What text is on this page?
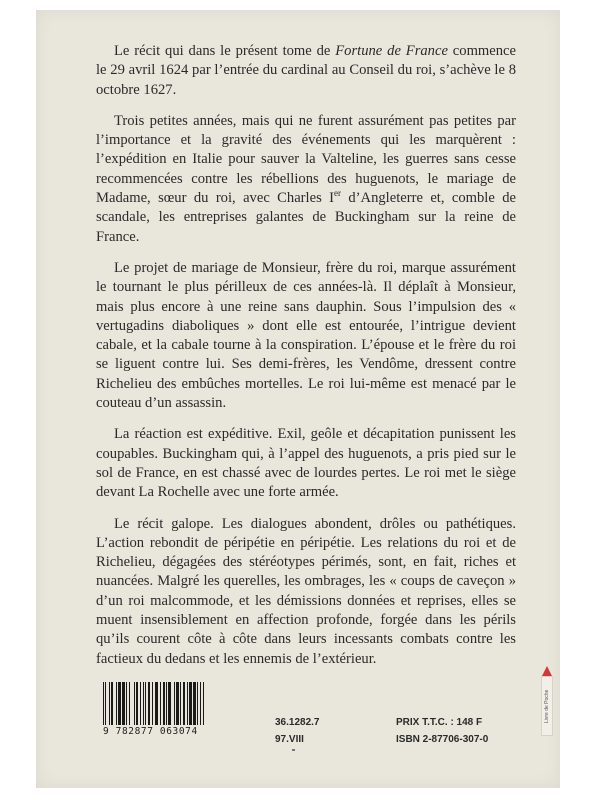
Le récit qui dans le présent tome de Fortune de France commence le 29 avril 1624 par l’entrée du cardinal au Conseil du roi, s’achève le 8 octobre 1627.

Trois petites années, mais qui ne furent assurément pas petites par l’importance et la gravité des événements qui les marquèrent : l’expédition en Italie pour sauver la Valteline, les guerres sans cesse recommencées contre les rébellions des huguenots, le mariage de Madame, sœur du roi, avec Charles Ier d’Angleterre et, comble de scandale, les entreprises galantes de Buckingham sur la reine de France.

Le projet de mariage de Monsieur, frère du roi, marque assurément le tournant le plus périlleux de ces années-là. Il déplaît à Monsieur, mais plus encore à une reine sans dauphin. Sous l’impulsion des « vertugadins diaboliques » dont elle est entourée, l’intrigue devient cabale, et la cabale tourne à la conspiration. L’épouse et le frère du roi se liguent contre lui. Ses demi-frères, les Vendôme, dressent contre Richelieu des embûches mortelles. Le roi lui-même est menacé par le couteau d’un assassin.

La réaction est expéditive. Exil, geôle et décapitation punissent les coupables. Buckingham qui, à l’appel des huguenots, a pris pied sur le sol de France, en est chassé avec de lourdes pertes. Le roi met le siège devant La Rochelle avec une forte armée.

Le récit galope. Les dialogues abondent, drôles ou pathétiques. L’action rebondit de péripétie en péripétie. Les relations du roi et de Richelieu, dégagées des stéréotypes périmés, sont, en fait, riches et nuancées. Malgré les querelles, les ombrages, les « coups de caveçon » d’un roi malcommode, et les démissions données et reprises, elles se muent insensiblement en affection profonde, forgée dans les périls qu’ils courent côte à côte dans leurs incessants combats contre les factieux du dedans et les ennemis de l’extérieur.

9 782877 063074
36.1282.7
97.VIII
PRIX T.T.C. : 148 F
ISBN 2-87706-307-0
Livre de Poche
